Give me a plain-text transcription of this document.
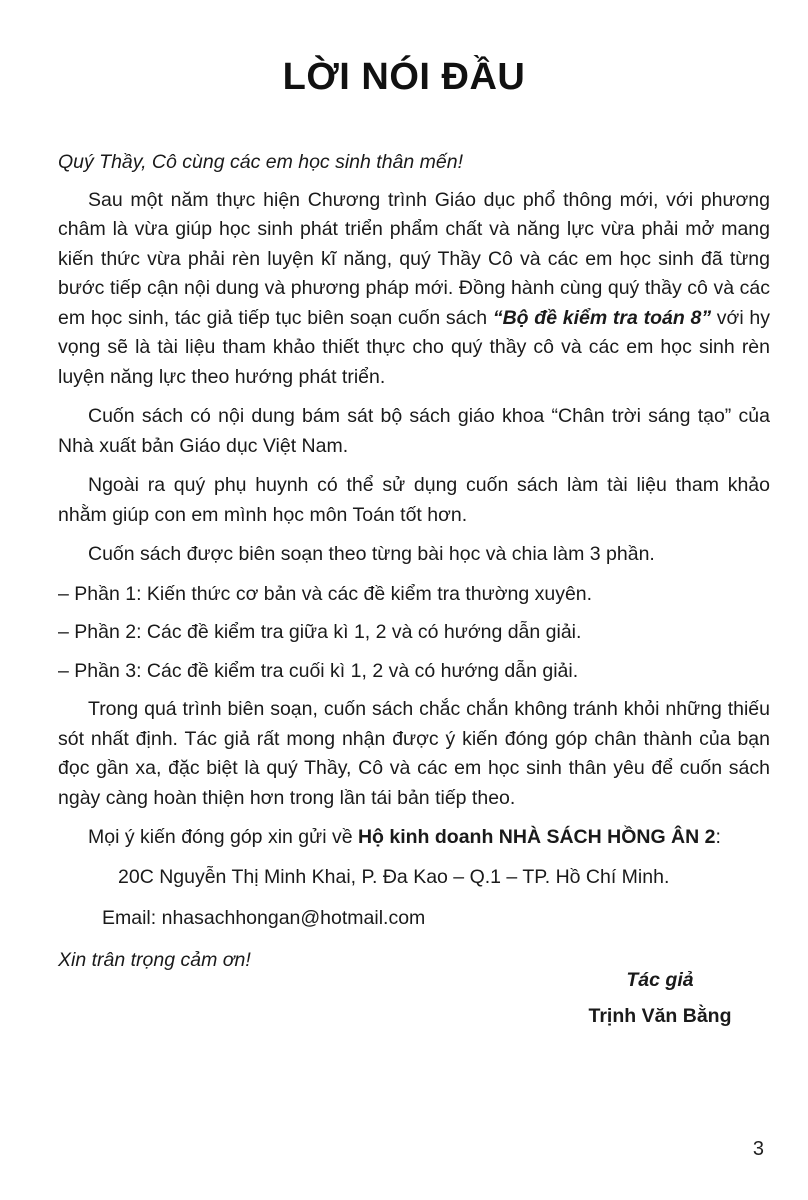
LỜI NÓI ĐẦU

Quý Thầy, Cô cùng các em học sinh thân mến!

Sau một năm thực hiện Chương trình Giáo dục phổ thông mới, với phương châm là vừa giúp học sinh phát triển phẩm chất và năng lực vừa phải mở mang kiến thức vừa phải rèn luyện kĩ năng, quý Thầy Cô và các em học sinh đã từng bước tiếp cận nội dung và phương pháp mới. Đồng hành cùng quý thầy cô và các em học sinh, tác giả tiếp tục biên soạn cuốn sách “Bộ đề kiểm tra toán 8” với hy vọng sẽ là tài liệu tham khảo thiết thực cho quý thầy cô và các em học sinh rèn luyện năng lực theo hướng phát triển.

Cuốn sách có nội dung bám sát bộ sách giáo khoa “Chân trời sáng tạo” của Nhà xuất bản Giáo dục Việt Nam.

Ngoài ra quý phụ huynh có thể sử dụng cuốn sách làm tài liệu tham khảo nhằm giúp con em mình học môn Toán tốt hơn.

Cuốn sách được biên soạn theo từng bài học và chia làm 3 phần.

– Phần 1: Kiến thức cơ bản và các đề kiểm tra thường xuyên.

– Phần 2: Các đề kiểm tra giữa kì 1, 2 và có hướng dẫn giải.

– Phần 3: Các đề kiểm tra cuối kì 1, 2 và có hướng dẫn giải.

Trong quá trình biên soạn, cuốn sách chắc chắn không tránh khỏi những thiếu sót nhất định. Tác giả rất mong nhận được ý kiến đóng góp chân thành của bạn đọc gần xa, đặc biệt là quý Thầy, Cô và các em học sinh thân yêu để cuốn sách ngày càng hoàn thiện hơn trong lần tái bản tiếp theo.

Mọi ý kiến đóng góp xin gửi về Hộ kinh doanh NHÀ SÁCH HỒNG ÂN 2:

20C Nguyễn Thị Minh Khai, P. Đa Kao – Q.1 – TP. Hồ Chí Minh.

Email: nhasachhongan@hotmail.com

Xin trân trọng cảm ơn!

Tác giả
Trịnh Văn Bằng
3
